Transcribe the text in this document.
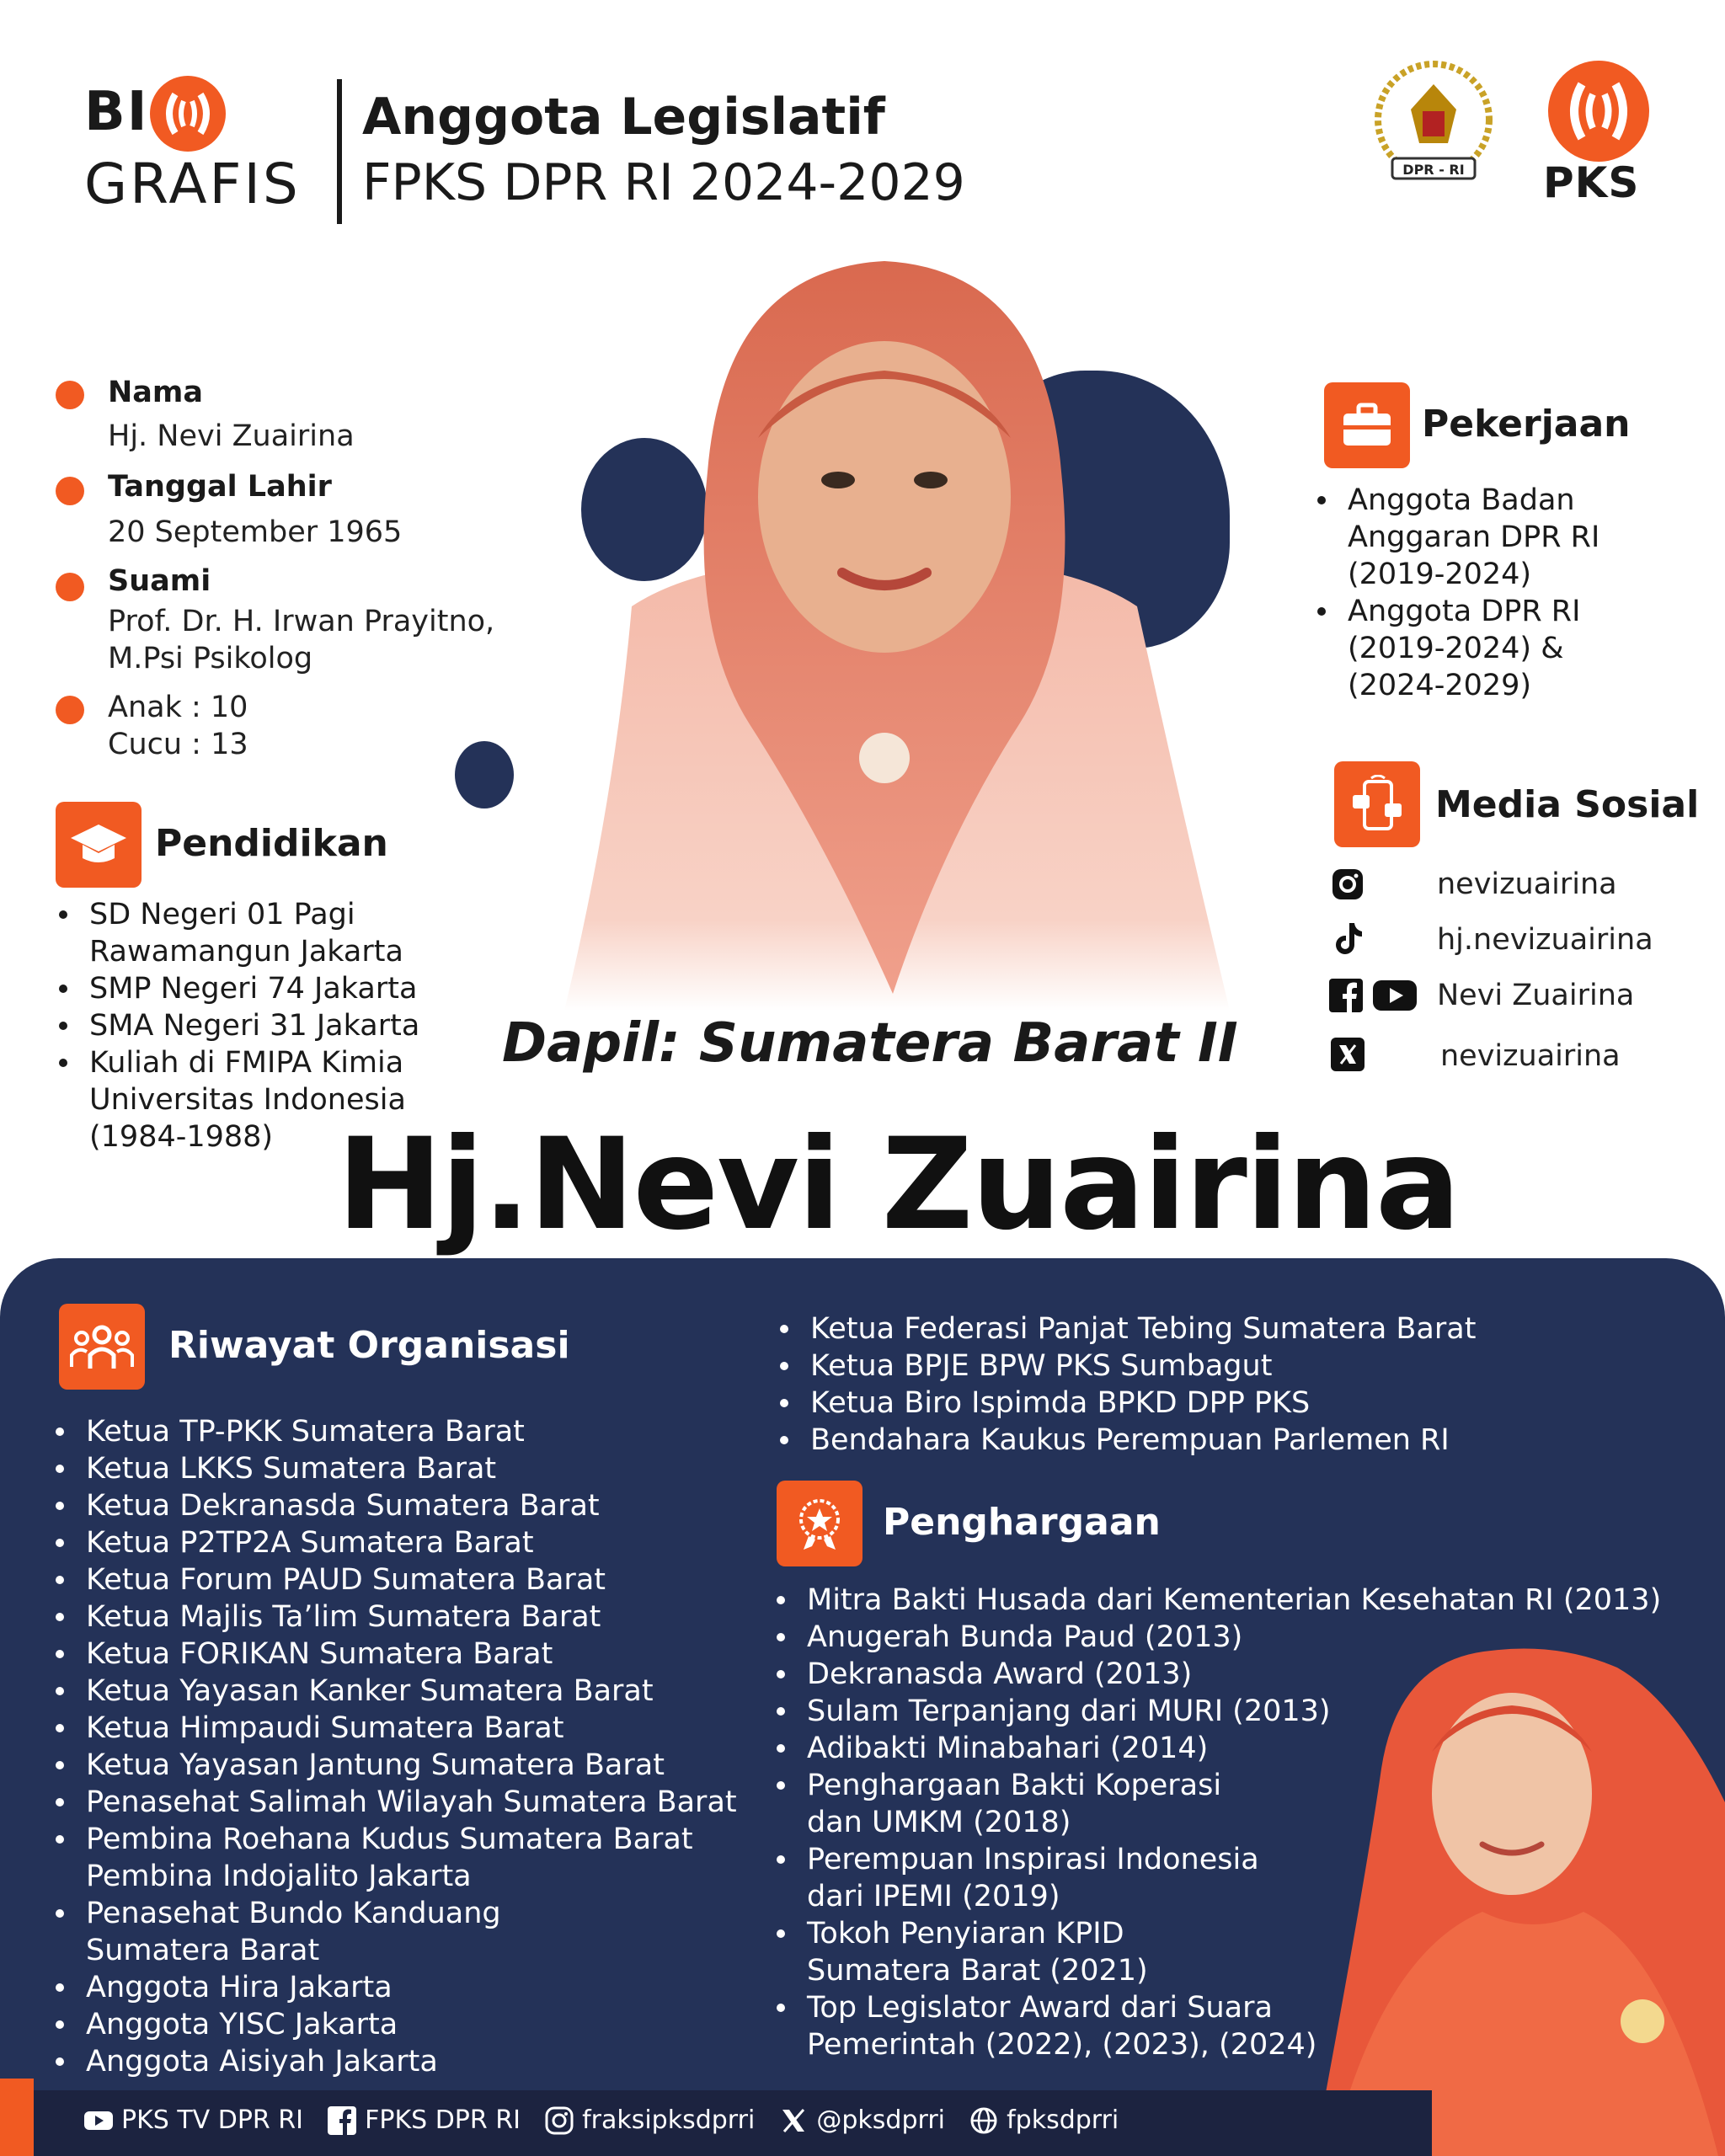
BI
GRAFIS
Anggota Legislatif
FPKS DPR RI 2024-2029	DPR - RI PKS
Nama
Hj. Nevi Zuairina
Tanggal Lahir
20 September 1965
Suami
Prof. Dr. H. Irwan Prayitno,
M.Psi Psikolog
Anak : 10
Cucu : 13
Pendidikan
SD Negeri 01 Pagi
Rawamangun Jakarta
SMP Negeri 74 Jakarta
SMA Negeri 31 Jakarta
Kuliah di FMIPA Kimia
Universitas Indonesia
(1984-1988)
Pekerjaan
Anggota Badan
Anggaran DPR RI
(2019-2024)
Anggota DPR RI
(2019-2024) &
(2024-2029)
Media Sosial
nevizuairina
hj.nevizuairina
Nevi Zuairina
nevizuairina
Dapil: Sumatera Barat II
Hj.Nevi Zuairina
Riwayat Organisasi
Ketua TP-PKK Sumatera Barat
Ketua LKKS Sumatera Barat
Ketua Dekranasda Sumatera Barat
Ketua P2TP2A Sumatera Barat
Ketua Forum PAUD Sumatera Barat
Ketua Majlis Ta’lim Sumatera Barat
Ketua FORIKAN Sumatera Barat
Ketua Yayasan Kanker Sumatera Barat
Ketua Himpaudi Sumatera Barat
Ketua Yayasan Jantung Sumatera Barat
Penasehat Salimah Wilayah Sumatera Barat
Pembina Roehana Kudus Sumatera Barat
Pembina Indojalito Jakarta
Penasehat Bundo Kanduang
Sumatera Barat
Anggota Hira Jakarta
Anggota YISC Jakarta
Anggota Aisiyah Jakarta
Ketua Federasi Panjat Tebing Sumatera Barat
Ketua BPJE BPW PKS Sumbagut
Ketua Biro Ispimda BPKD DPP PKS
Bendahara Kaukus Perempuan Parlemen RI
Penghargaan
Mitra Bakti Husada dari Kementerian Kesehatan RI (2013)
Anugerah Bunda Paud (2013)
Dekranasda Award (2013)
Sulam Terpanjang dari MURI (2013)
Adibakti Minabahari (2014)
Penghargaan Bakti Koperasi
dan UMKM (2018)
Perempuan Inspirasi Indonesia
dari IPEMI (2019)
Tokoh Penyiaran KPID
Sumatera Barat (2021)
Top Legislator Award dari Suara
Pemerintah (2022), (2023), (2024)
PKS TV DPR RI
FPKS DPR RI
fraksipksdprri
@pksdprri
fpksdprri
